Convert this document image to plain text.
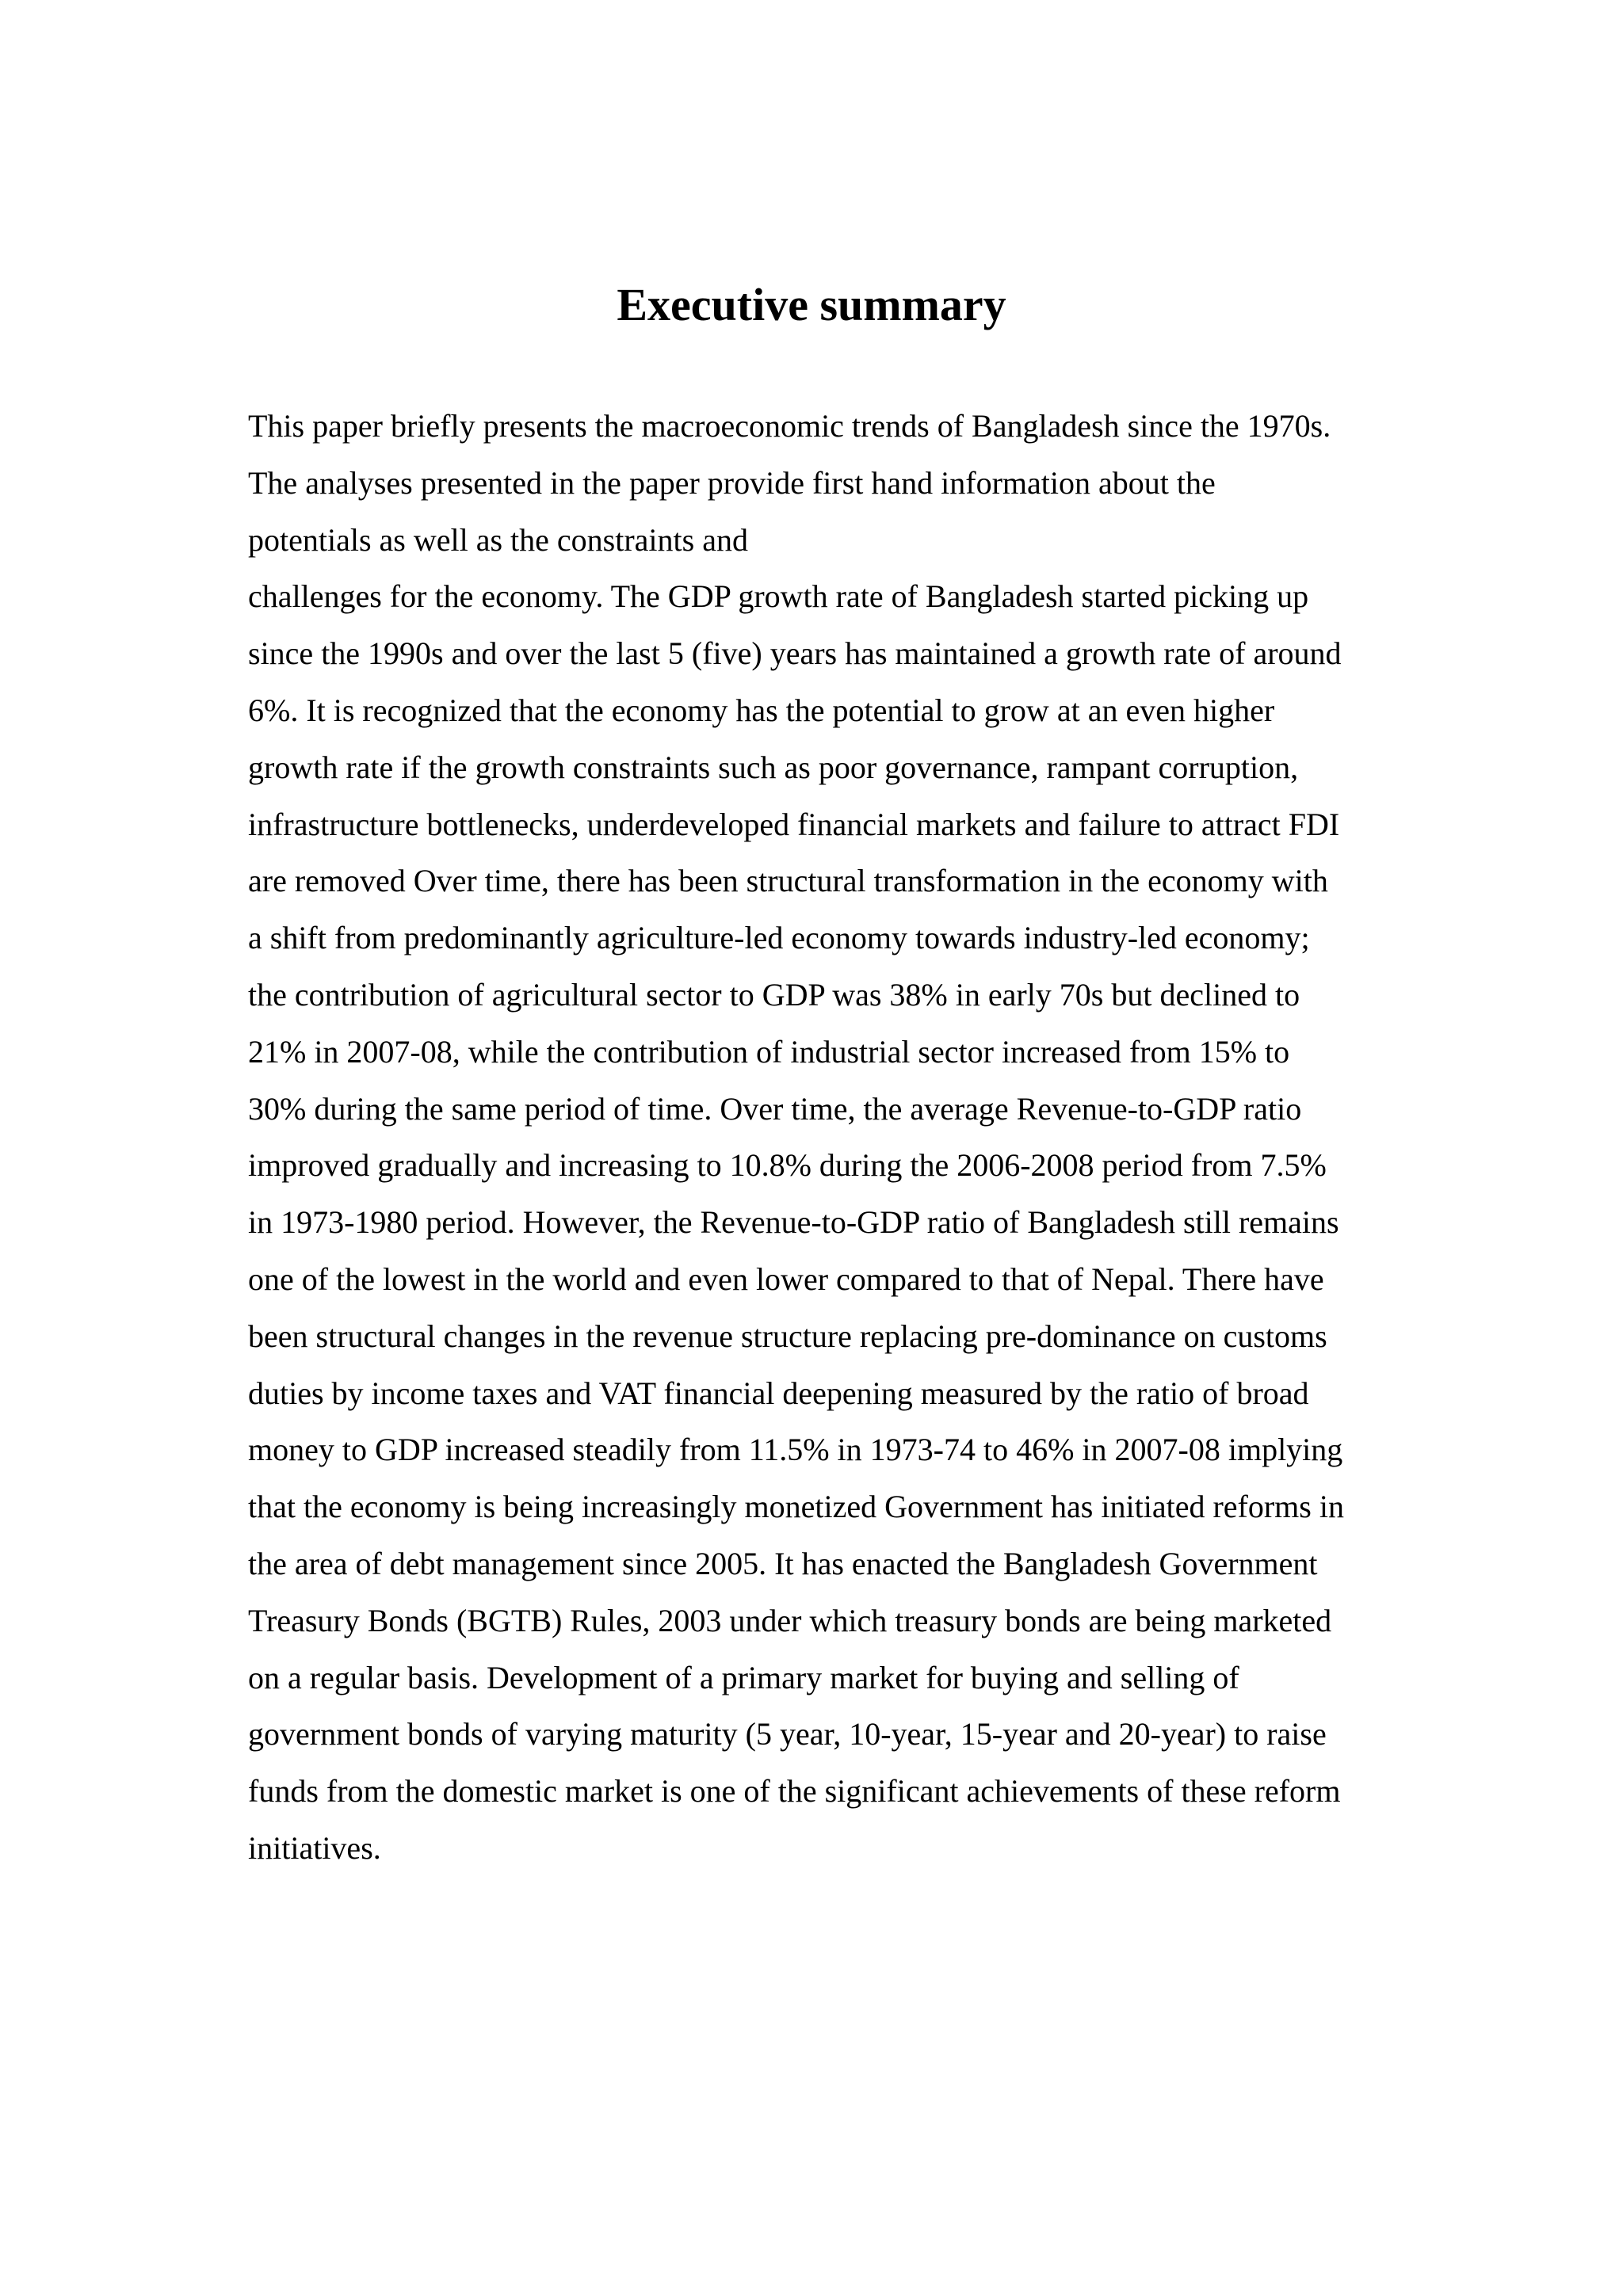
Executive summary
This paper briefly presents the macroeconomic trends of Bangladesh since the 1970s.
The analyses presented in the paper provide first hand information about the
potentials as well as the constraints and
challenges for the economy. The GDP growth rate of Bangladesh started picking up
since the 1990s and over the last 5 (five) years has maintained a growth rate of around
6%. It is recognized that the economy has the potential to grow at an even higher
growth rate if the growth constraints such as poor governance, rampant corruption,
infrastructure bottlenecks, underdeveloped financial markets and failure to attract FDI
are removed Over time, there has been structural transformation in the economy with
a shift from predominantly agriculture-led economy towards industry-led economy;
the contribution of agricultural sector to GDP was 38% in early 70s but declined to
21% in 2007-08, while the contribution of industrial sector increased from 15% to
30% during the same period of time. Over time, the average Revenue-to-GDP ratio
improved gradually and increasing to 10.8% during the 2006-2008 period from 7.5%
in 1973-1980 period. However, the Revenue-to-GDP ratio of Bangladesh still remains
one of the lowest in the world and even lower compared to that of Nepal. There have
been structural changes in the revenue structure replacing pre-dominance on customs
duties by income taxes and VAT financial deepening measured by the ratio of broad
money to GDP increased steadily from 11.5% in 1973-74 to 46% in 2007-08 implying
that the economy is being increasingly monetized Government has initiated reforms in
the area of debt management since 2005. It has enacted the Bangladesh Government
Treasury Bonds (BGTB) Rules, 2003 under which treasury bonds are being marketed
on a regular basis. Development of a primary market for buying and selling of
government bonds of varying maturity (5 year, 10-year, 15-year and 20-year) to raise
funds from the domestic market is one of the significant achievements of these reform
initiatives.
